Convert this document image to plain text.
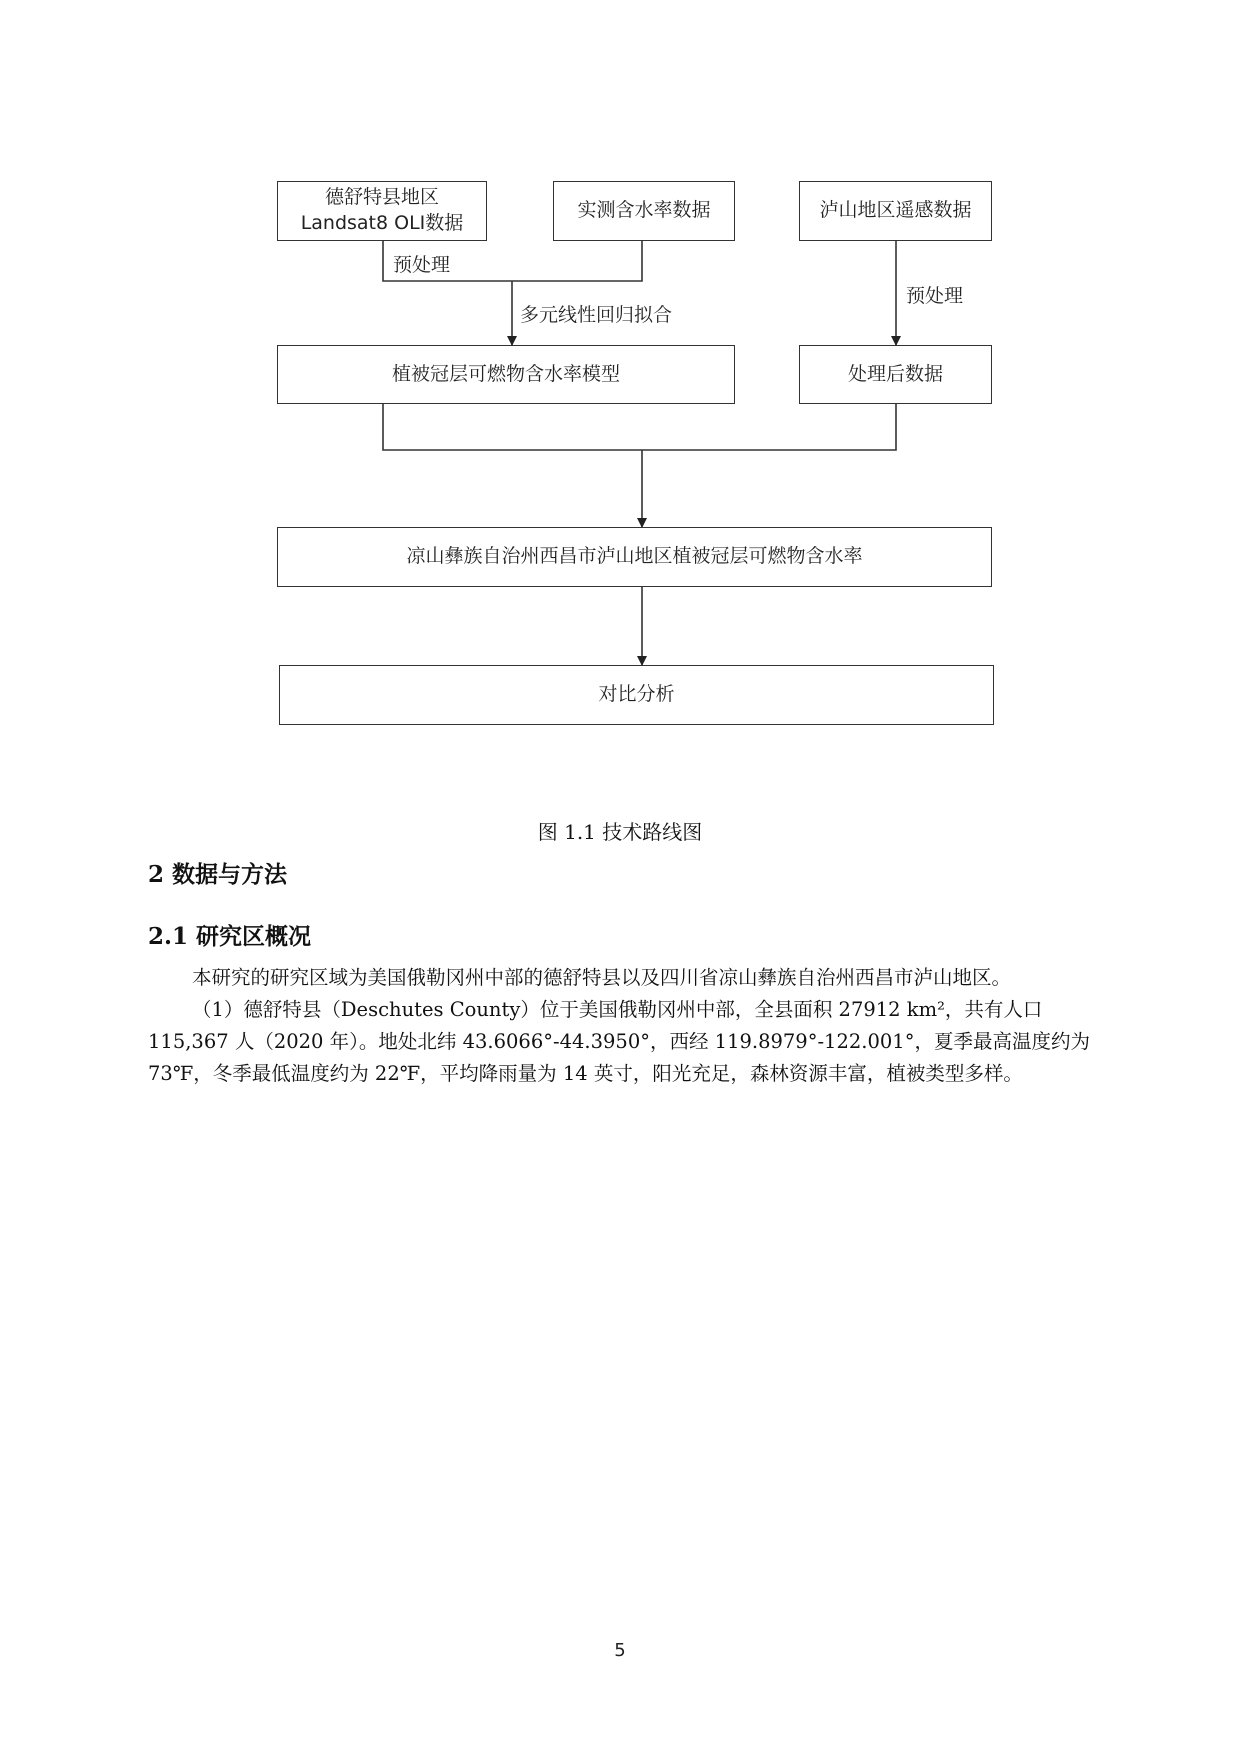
德舒特县地区
Landsat8 OLI数据
实测含水率数据	泸山地区遥感数据
预处理
多元线性回归拟合
预处理
植被冠层可燃物含水率模型	处理后数据
凉山彝族自治州西昌市泸山地区植被冠层可燃物含水率
对比分析
图 1.1 技术路线图
2 数据与方法
2.1 研究区概况
本研究的研究区域为美国俄勒冈州中部的德舒特县以及四川省凉山彝族自治州西昌市泸山地区。
（1）德舒特县（Deschutes County）位于美国俄勒冈州中部，全县面积 27912 km²，共有人口
115,367 人（2020 年）。地处北纬 43.6066°-44.3950°，西经 119.8979°-122.001°，夏季最高温度约为
73℉，冬季最低温度约为 22℉，平均降雨量为 14 英寸，阳光充足，森林资源丰富，植被类型多样。
5
